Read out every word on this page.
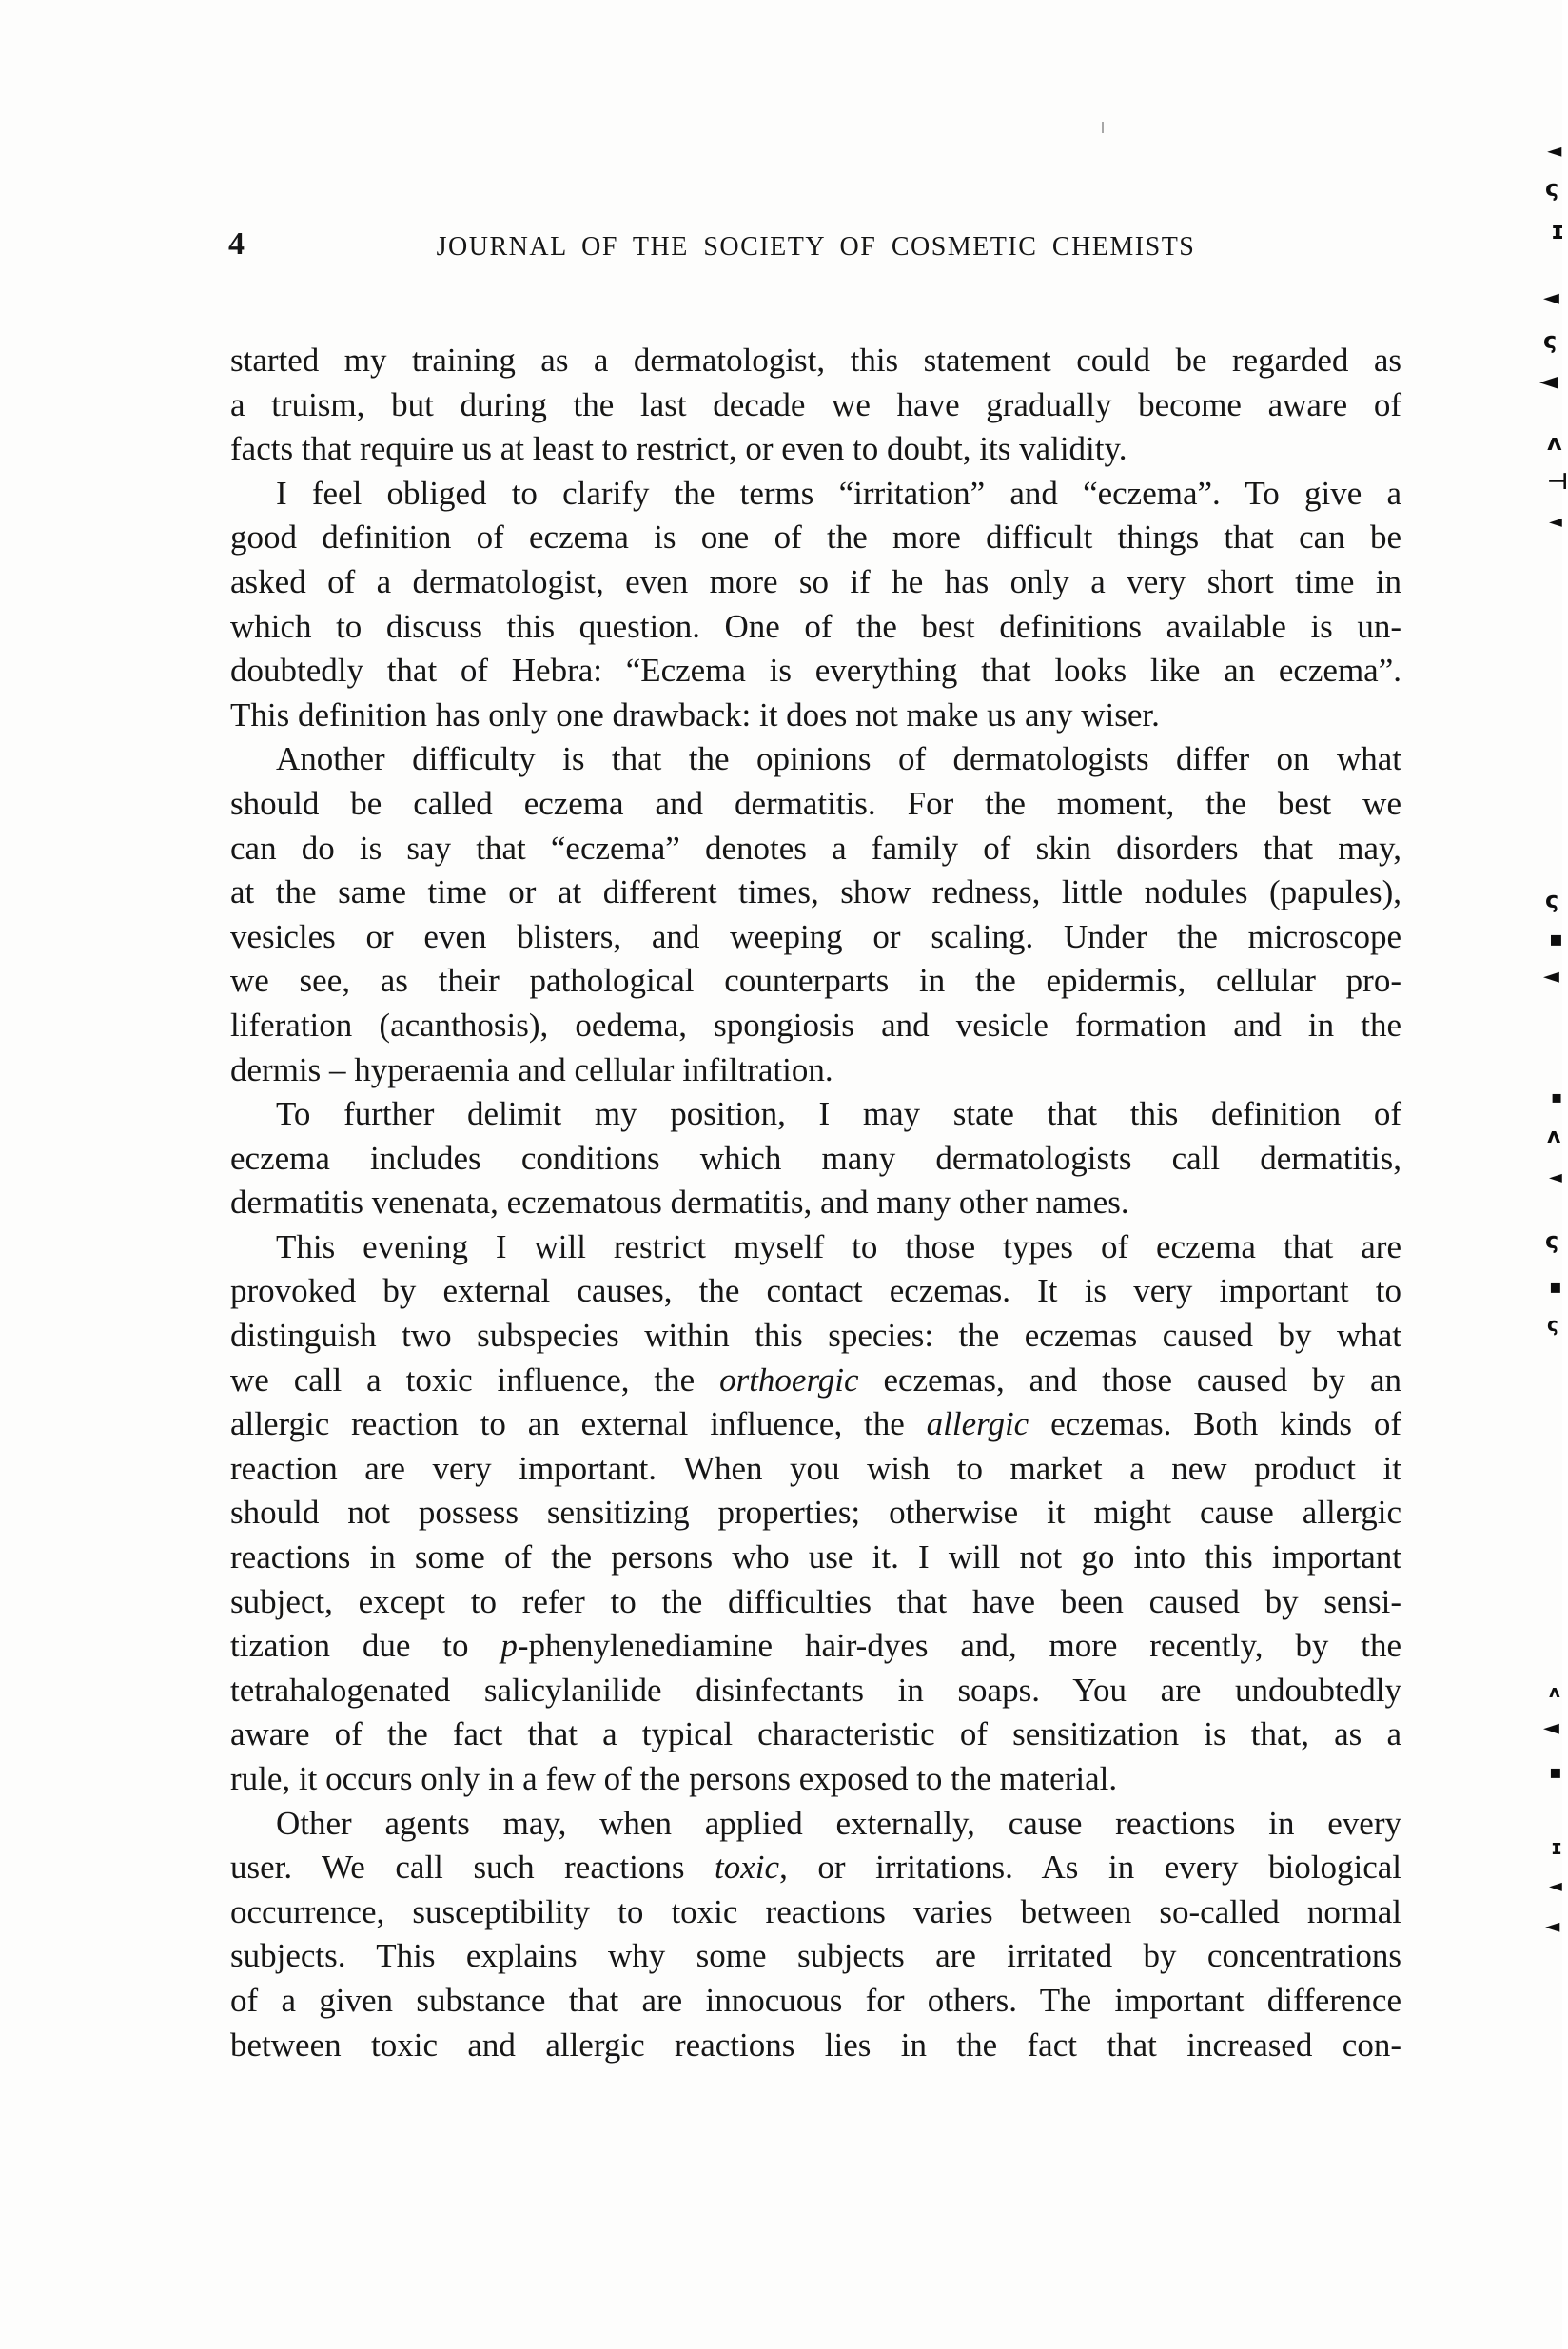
4	JOURNAL OF THE SOCIETY OF COSMETIC CHEMISTS
started my training as a dermatologist, this statement could be regarded as
a truism, but during the last decade we have gradually become aware of
facts that require us at least to restrict, or even to doubt, its validity.
I feel obliged to clarify the terms “irritation” and “eczema”. To give a
good definition of eczema is one of the more difficult things that can be
asked of a dermatologist, even more so if he has only a very short time in
which to discuss this question. One of the best definitions available is un-
doubtedly that of Hebra: “Eczema is everything that looks like an eczema”.
This definition has only one drawback: it does not make us any wiser.
Another difficulty is that the opinions of dermatologists differ on what
should be called eczema and dermatitis. For the moment, the best we
can do is say that “eczema” denotes a family of skin disorders that may,
at the same time or at different times, show redness, little nodules (papules),
vesicles or even blisters, and weeping or scaling. Under the microscope
we see, as their pathological counterparts in the epidermis, cellular pro-
liferation (acanthosis), oedema, spongiosis and vesicle formation and in the
dermis – hyperaemia and cellular infiltration.
To further delimit my position, I may state that this definition of
eczema includes conditions which many dermatologists call dermatitis,
dermatitis venenata, eczematous dermatitis, and many other names.
This evening I will restrict myself to those types of eczema that are
provoked by external causes, the contact eczemas. It is very important to
distinguish two subspecies within this species: the eczemas caused by what
we call a toxic influence, the orthoergic eczemas, and those caused by an
allergic reaction to an external influence, the allergic eczemas. Both kinds of
reaction are very important. When you wish to market a new product it
should not possess sensitizing properties; otherwise it might cause allergic
reactions in some of the persons who use it. I will not go into this important
subject, except to refer to the difficulties that have been caused by sensi-
tization due to p-phenylenediamine hair-dyes and, more recently, by the
tetrahalogenated salicylanilide disinfectants in soaps. You are undoubtedly
aware of the fact that a typical characteristic of sensitization is that, as a
rule, it occurs only in a few of the persons exposed to the material.
Other agents may, when applied externally, cause reactions in every
user. We call such reactions toxic, or irritations. As in every biological
occurrence, susceptibility to toxic reactions varies between so-called normal
subjects. This explains why some subjects are irritated by concentrations
of a given substance that are innocuous for others. The important difference
between toxic and allergic reactions lies in the fact that increased con-
◄
ς
ɪ
◄
ς
◄
ʌ
⊣
◄
ς
▪
◄
▪
ʌ
◄
ς
▪
ς
ʌ
◄
▪
ɪ
◄
◄
